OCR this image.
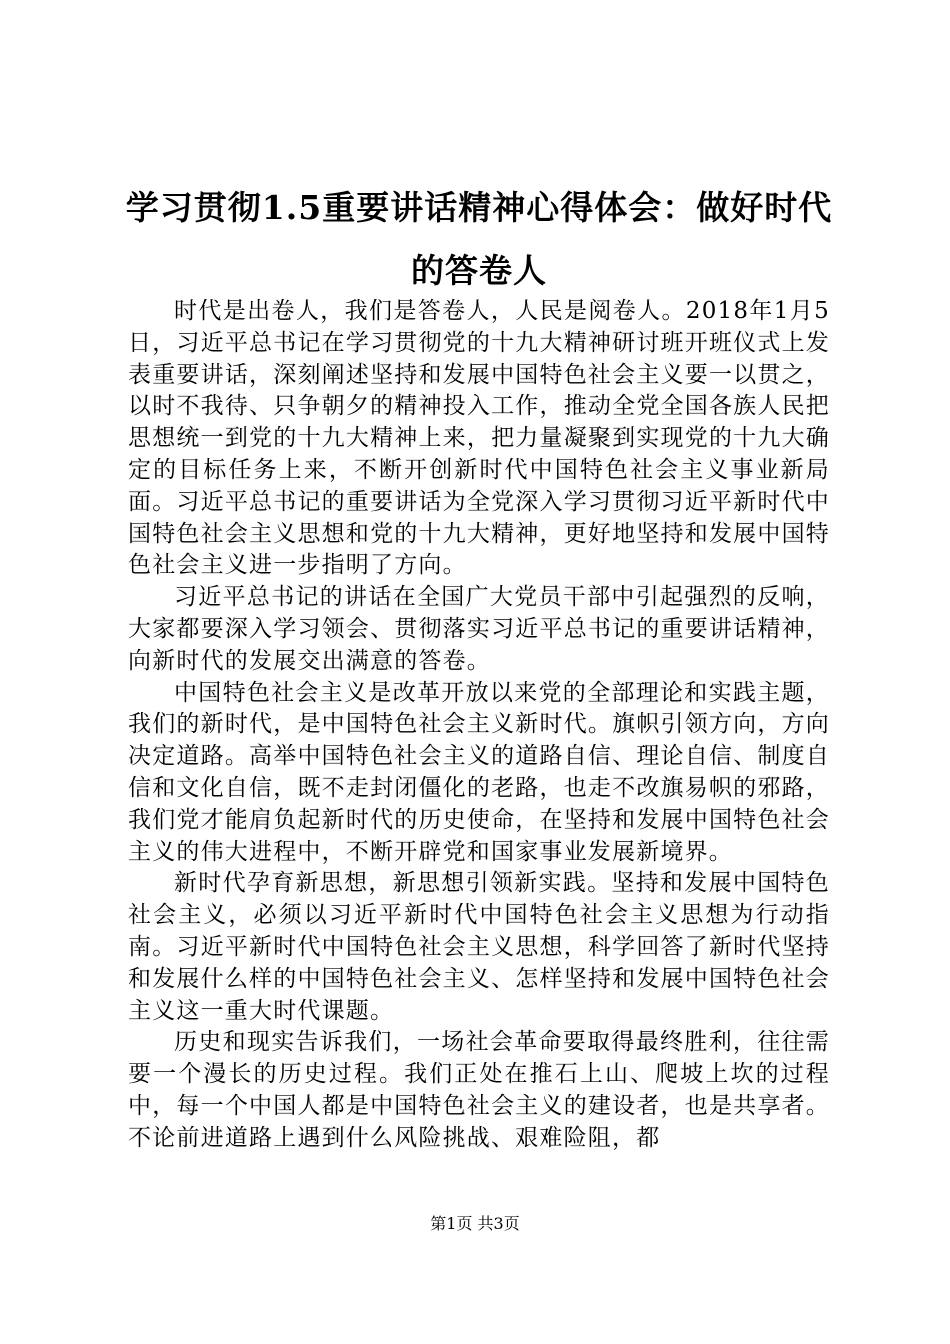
学习贯彻1.5重要讲话精神心得体会：做好时代的答卷人

时代是出卷人，我们是答卷人，人民是阅卷人。2018年1月5日，习近平总书记在学习贯彻党的十九大精神研讨班开班仪式上发表重要讲话，深刻阐述坚持和发展中国特色社会主义要一以贯之，以时不我待、只争朝夕的精神投入工作，推动全党全国各族人民把思想统一到党的十九大精神上来，把力量凝聚到实现党的十九大确定的目标任务上来，不断开创新时代中国特色社会主义事业新局面。习近平总书记的重要讲话为全党深入学习贯彻习近平新时代中国特色社会主义思想和党的十九大精神，更好地坚持和发展中国特色社会主义进一步指明了方向。

习近平总书记的讲话在全国广大党员干部中引起强烈的反响，大家都要深入学习领会、贯彻落实习近平总书记的重要讲话精神，向新时代的发展交出满意的答卷。

中国特色社会主义是改革开放以来党的全部理论和实践主题，我们的新时代，是中国特色社会主义新时代。旗帜引领方向，方向决定道路。高举中国特色社会主义的道路自信、理论自信、制度自信和文化自信，既不走封闭僵化的老路，也走不改旗易帜的邪路，我们党才能肩负起新时代的历史使命，在坚持和发展中国特色社会主义的伟大进程中，不断开辟党和国家事业发展新境界。

新时代孕育新思想，新思想引领新实践。坚持和发展中国特色社会主义，必须以习近平新时代中国特色社会主义思想为行动指南。习近平新时代中国特色社会主义思想，科学回答了新时代坚持和发展什么样的中国特色社会主义、怎样坚持和发展中国特色社会主义这一重大时代课题。

历史和现实告诉我们，一场社会革命要取得最终胜利，往往需要一个漫长的历史过程。我们正处在推石上山、爬坡上坎的过程中，每一个中国人都是中国特色社会主义的建设者，也是共享者。不论前进道路上遇到什么风险挑战、艰难险阻，都

第1页 共3页
